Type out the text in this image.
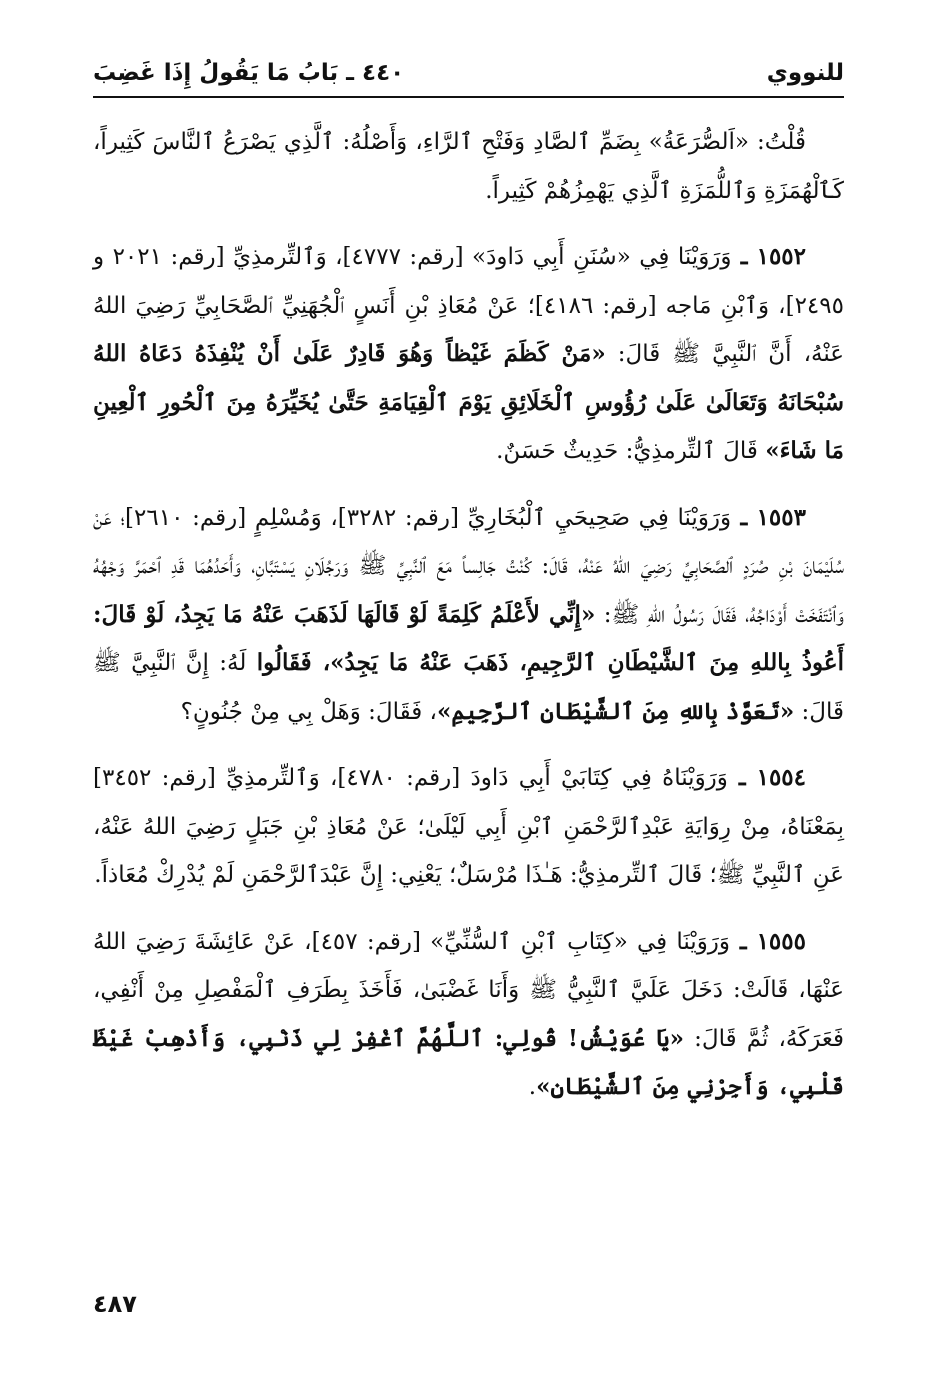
للنووي
٤٤٠ ـ بَابُ مَا يَقُولُ إِذَا غَضِبَ

قُلْتُ: «اَلصُّرَعَةُ» بِضَمِّ ٱلصَّادِ وَفَتْحِ ٱلرَّاءِ، وَأَصْلُهُ: ٱلَّذِي يَصْرَعُ ٱلنَّاسَ كَثِيراً، كَٱلْهُمَزَةِ وَٱللُّمَزَةِ ٱلَّذِي يَهْمِزُهُمْ كَثِيراً.

١٥٥٢ ـ وَرَوَيْنَا فِي «سُنَنِ أَبِي دَاودَ» [رقم: ٤٧٧٧]، وَٱلتِّرمذِيِّ [رقم: ٢٠٢١ و ٢٤٩٥]، وَٱبْنِ مَاجه [رقم: ٤١٨٦]؛ عَنْ مُعَاذِ بْنِ أَنَسٍ ٱلْجُهَنِيِّ ٱلصَّحَابِيِّ رَضِيَ اللهُ عَنْهُ، أَنَّ ٱلنَّبِيَّ ﷺ قَالَ: «مَنْ كَظَمَ غَيْظاً وَهُوَ قَادِرٌ عَلَىٰ أَنْ يُنْفِذَهُ دَعَاهُ اللهُ سُبْحَانَهُ وَتَعَالَىٰ عَلَىٰ رُؤُوسِ ٱلْخَلَائِقِ يَوْمَ ٱلْقِيَامَةِ حَتَّىٰ يُخَيِّرَهُ مِنَ ٱلْحُورِ ٱلْعِينِ مَا شَاءَ» قَالَ ٱلتِّرمذِيُّ: حَدِيثٌ حَسَنٌ.

١٥٥٣ ـ وَرَوَيْنَا فِي صَحِيحَيِ ٱلْبُخَارِيِّ [رقم: ٣٢٨٢]، وَمُسْلِمٍ [رقم: ٢٦١٠]؛ عَنْ سُلَيْمَانَ بْنِ صُرَدٍ ٱلصَّحَابِيِّ رَضِيَ اللهُ عَنْهُ، قَالَ: كُنْتُ جَالِساً مَعَ ٱلنَّبِيِّ ﷺ وَرَجُلَانِ يَسْتَبَّانِ، وَأَحَدُهُمَا قَدِ ٱحْمَرَّ وَجْهُهُ وَٱنْتَفَخَتْ أَوْدَاجُهُ، فَقَالَ رَسُولُ اللهِ ﷺ: «إِنِّي لأَعْلَمُ كَلِمَةً لَوْ قَالَهَا لَذَهَبَ عَنْهُ مَا يَجِدُ، لَوْ قَالَ: أَعُوذُ بِاللهِ مِنَ ٱلشَّيْطَانِ ٱلرَّجِيمِ، ذَهَبَ عَنْهُ مَا يَجِدُ»، فَقَالُوا لَهُ: إِنَّ ٱلنَّبِيَّ ﷺ قَالَ: «تَعَوَّذْ بِاللهِ مِنَ ٱلشَّيْطَانِ ٱلرَّجِيمِ»، فَقَالَ: وَهَلْ بِي مِنْ جُنُونٍ؟

١٥٥٤ ـ وَرَوَيْنَاهُ فِي كِتَابَيْ أَبِي دَاودَ [رقم: ٤٧٨٠]، وَٱلتِّرمذِيِّ [رقم: ٣٤٥٢] بِمَعْنَاهُ، مِنْ رِوَايَةِ عَبْدِٱلرَّحْمَنِ ٱبْنِ أَبِي لَيْلَىٰ؛ عَنْ مُعَاذِ بْنِ جَبَلٍ رَضِيَ اللهُ عَنْهُ، عَنِ ٱلنَّبِيِّ ﷺ؛ قَالَ ٱلتِّرمذِيُّ: هَـٰذَا مُرْسَلٌ؛ يَعْنِي: إِنَّ عَبْدَٱلرَّحْمَنِ لَمْ يُدْرِكْ مُعَاذاً.

١٥٥٥ ـ وَرَوَيْنَا فِي «كِتَابِ ٱبْنِ ٱلسُّنِّيِّ» [رقم: ٤٥٧]، عَنْ عَائِشَةَ رَضِيَ اللهُ عَنْهَا، قَالَتْ: دَخَلَ عَلَيَّ ٱلنَّبِيُّ ﷺ وَأَنَا غَضْبَىٰ، فَأَخَذَ بِطَرَفِ ٱلْمَفْصِلِ مِنْ أَنْفِي، فَعَرَكَهُ، ثُمَّ قَالَ: «يَا عُوَيْشُ! قُولِي: ٱللَّهُمَّ ٱغْفِرْ لِي ذَنْبِي، وَأَذْهِبْ غَيْظَ قَلْبِي، وَأَجِرْنِي مِنَ ٱلشَّيْطَانِ».

٤٨٧
